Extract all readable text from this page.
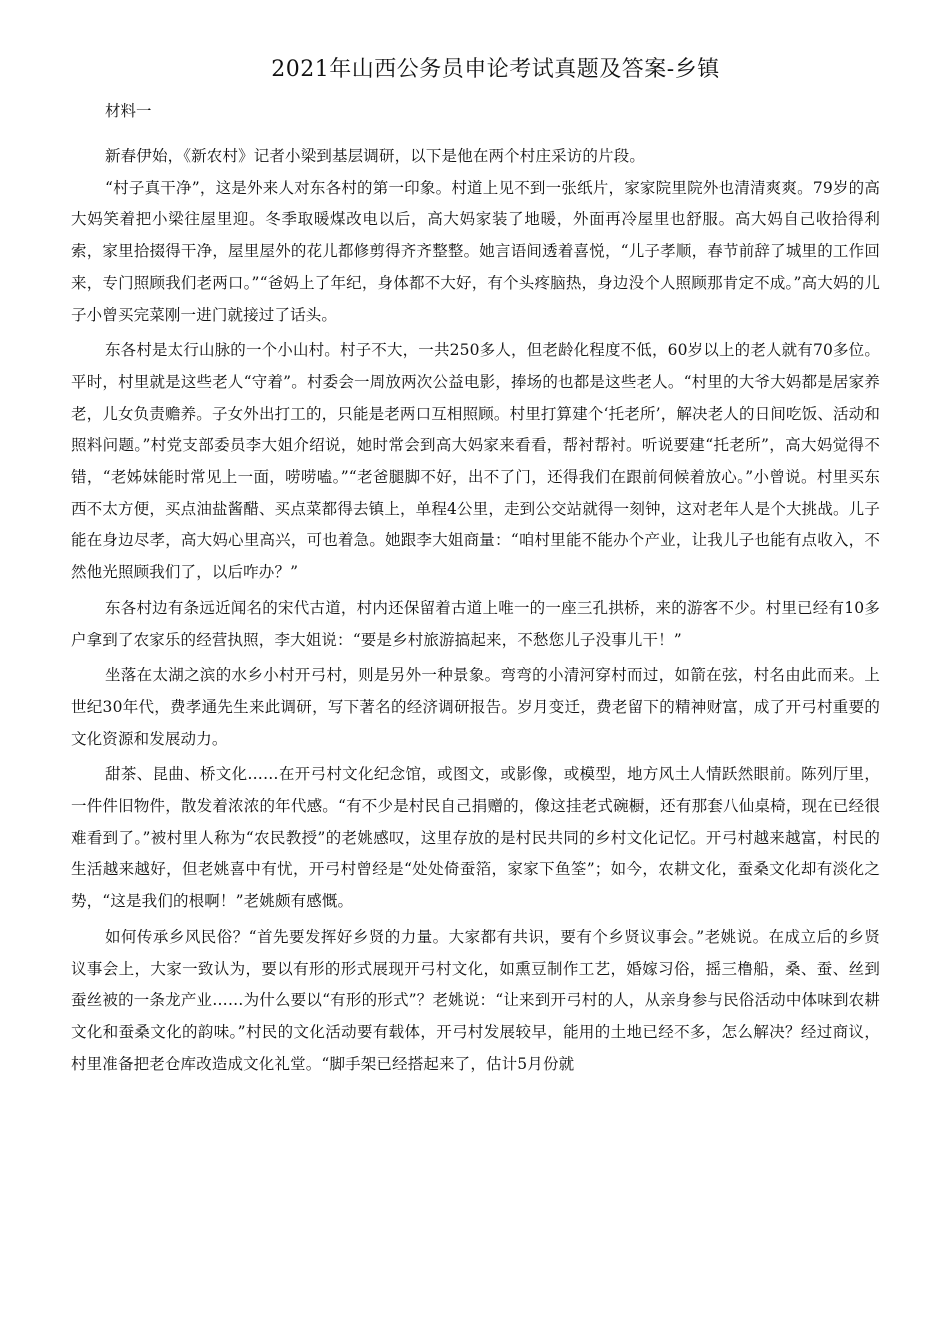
2021年山西公务员申论考试真题及答案-乡镇

材料一

新春伊始，《新农村》记者小梁到基层调研，以下是他在两个村庄采访的片段。

“村子真干净”，这是外来人对东各村的第一印象。村道上见不到一张纸片，家家院里院外也清清爽爽。79岁的高大妈笑着把小梁往屋里迎。冬季取暖煤改电以后，高大妈家装了地暖，外面再冷屋里也舒服。高大妈自己收拾得利索，家里拾掇得干净，屋里屋外的花儿都修剪得齐齐整整。她言语间透着喜悦，“儿子孝顺，春节前辞了城里的工作回来，专门照顾我们老两口。”“爸妈上了年纪，身体都不大好，有个头疼脑热，身边没个人照顾那肯定不成。”高大妈的儿子小曾买完菜刚一进门就接过了话头。

东各村是太行山脉的一个小山村。村子不大，一共250多人，但老龄化程度不低，60岁以上的老人就有70多位。平时，村里就是这些老人“守着”。村委会一周放两次公益电影，捧场的也都是这些老人。“村里的大爷大妈都是居家养老，儿女负责赡养。子女外出打工的，只能是老两口互相照顾。村里打算建个‘托老所’，解决老人的日间吃饭、活动和照料问题。”村党支部委员李大姐介绍说，她时常会到高大妈家来看看，帮衬帮衬。听说要建“托老所”，高大妈觉得不错，“老姊妹能时常见上一面，唠唠嗑。”“老爸腿脚不好，出不了门，还得我们在跟前伺候着放心。”小曾说。村里买东西不太方便，买点油盐酱醋、买点菜都得去镇上，单程4公里，走到公交站就得一刻钟，这对老年人是个大挑战。儿子能在身边尽孝，高大妈心里高兴，可也着急。她跟李大姐商量：“咱村里能不能办个产业，让我儿子也能有点收入，不然他光照顾我们了，以后咋办？”

东各村边有条远近闻名的宋代古道，村内还保留着古道上唯一的一座三孔拱桥，来的游客不少。村里已经有10多户拿到了农家乐的经营执照，李大姐说：“要是乡村旅游搞起来，不愁您儿子没事儿干！”

坐落在太湖之滨的水乡小村开弓村，则是另外一种景象。弯弯的小清河穿村而过，如箭在弦，村名由此而来。上世纪30年代，费孝通先生来此调研，写下著名的经济调研报告。岁月变迁，费老留下的精神财富，成了开弓村重要的文化资源和发展动力。

甜茶、昆曲、桥文化……在开弓村文化纪念馆，或图文，或影像，或模型，地方风土人情跃然眼前。陈列厅里，一件件旧物件，散发着浓浓的年代感。“有不少是村民自己捐赠的，像这挂老式碗橱，还有那套八仙桌椅，现在已经很难看到了。”被村里人称为“农民教授”的老姚感叹，这里存放的是村民共同的乡村文化记忆。开弓村越来越富，村民的生活越来越好，但老姚喜中有忧，开弓村曾经是“处处倚蚕箔，家家下鱼筌”；如今，农耕文化，蚕桑文化却有淡化之势，“这是我们的根啊！”老姚颇有感慨。

如何传承乡风民俗？“首先要发挥好乡贤的力量。大家都有共识，要有个乡贤议事会。”老姚说。在成立后的乡贤议事会上，大家一致认为，要以有形的形式展现开弓村文化，如熏豆制作工艺，婚嫁习俗，摇三橹船，桑、蚕、丝到蚕丝被的一条龙产业……为什么要以“有形的形式”？老姚说：“让来到开弓村的人，从亲身参与民俗活动中体味到农耕文化和蚕桑文化的韵味。”村民的文化活动要有载体，开弓村发展较早，能用的土地已经不多，怎么解决？经过商议，村里准备把老仓库改造成文化礼堂。“脚手架已经搭起来了，估计5月份就
